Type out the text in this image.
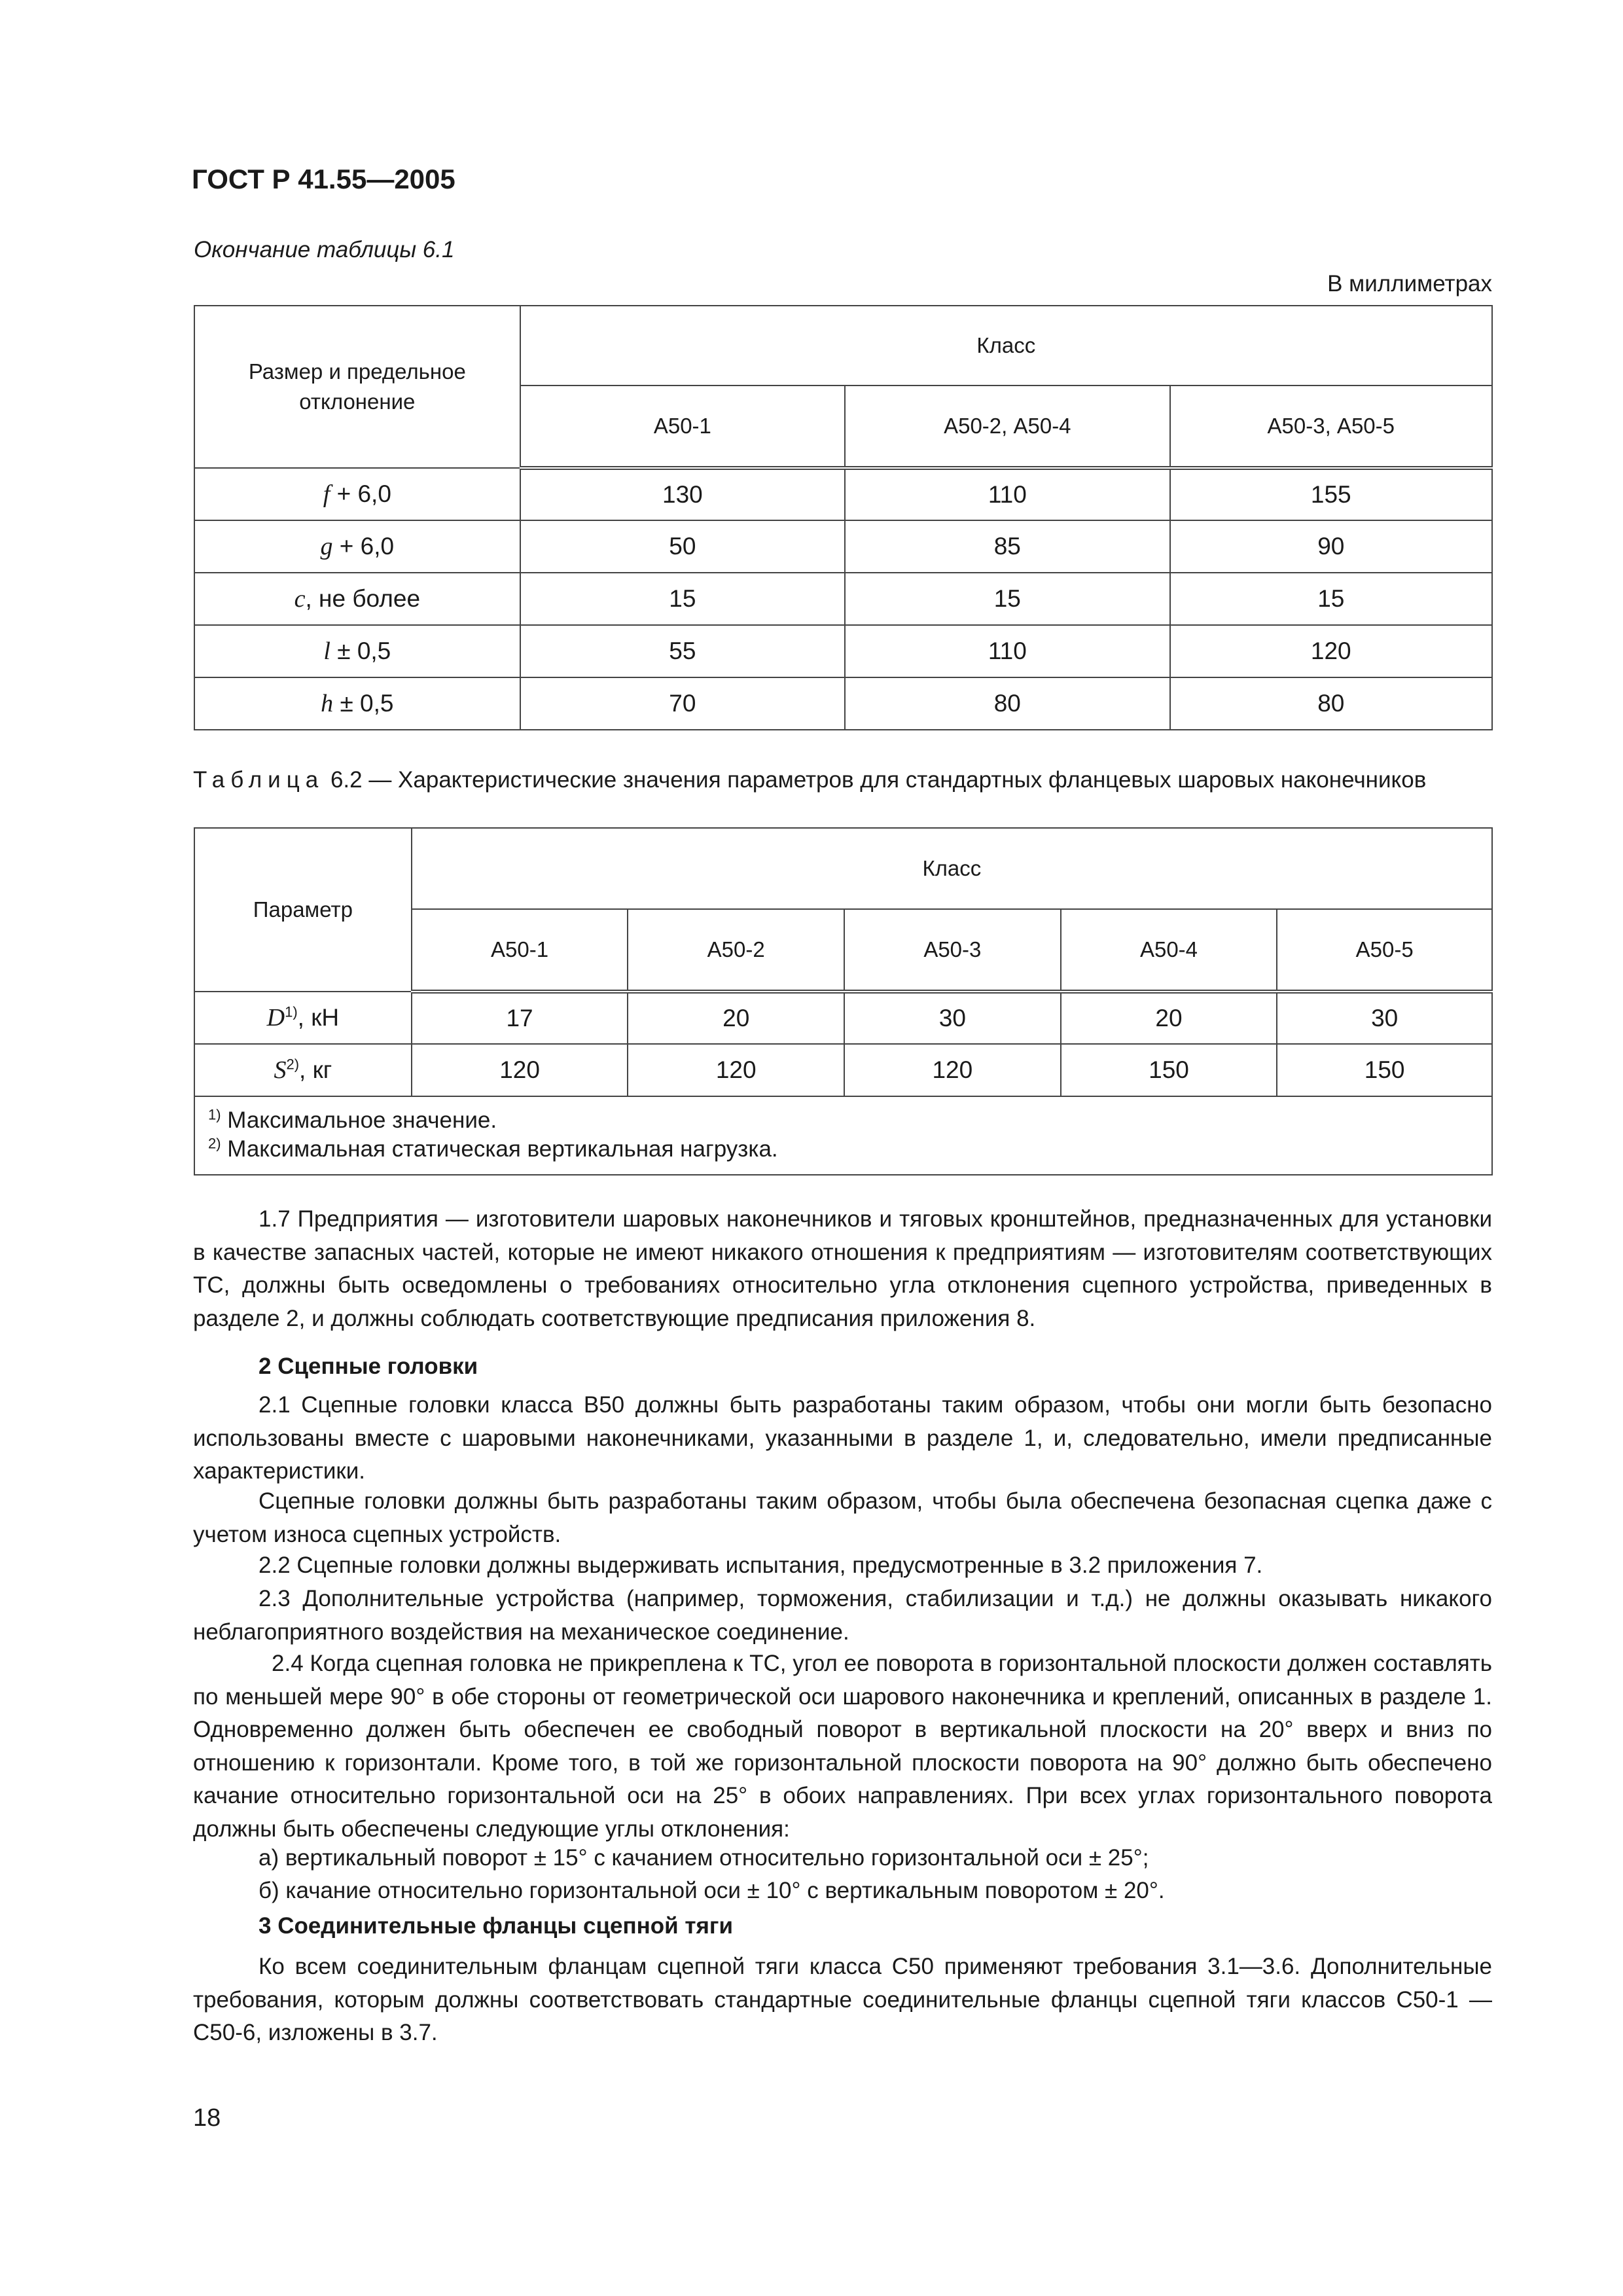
ГОСТ Р 41.55—2005
Окончание таблицы 6.1
В миллиметрах
Размер и предельное отклонение	Класс		
	А50-1	А50-2, А50-4	А50-3, А50-5
f + 6,0	130	110	155
g + 6,0	50	85	90
c, не более	15	15	15
l ± 0,5	55	110	120
h ± 0,5	70	80	80
Таблица 6.2 — Характеристические значения параметров для стандартных фланцевых шаровых наконечников
Параметр	Класс				
	А50-1	А50-2	А50-3	А50-4	А50-5
$D^{1)}$, кН	17	20	30	20	30
$S^{2)}$, кг	120	120	120	150	150

$^{1)}$ Максимальное значение.
$^{2)}$ Максимальная статическая вертикальная нагрузка.					
1.7 Предприятия — изготовители шаровых наконечников и тяговых кронштейнов, предназначенных для установки в качестве запасных частей, которые не имеют никакого отношения к предприятиям — изготовителям соответствующих ТС, должны быть осведомлены о требованиях относительно угла отклонения сцепного устройства, приведенных в разделе 2, и должны соблюдать соответствующие предписания приложения 8.
2 Сцепные головки
2.1 Сцепные головки класса В50 должны быть разработаны таким образом, чтобы они могли быть безопасно использованы вместе с шаровыми наконечниками, указанными в разделе 1, и, следовательно, имели предписанные характеристики.
Сцепные головки должны быть разработаны таким образом, чтобы была обеспечена безопасная сцепка даже с учетом износа сцепных устройств.
2.2 Сцепные головки должны выдерживать испытания, предусмотренные в 3.2 приложения 7.
2.3 Дополнительные устройства (например, торможения, стабилизации и т.д.) не должны оказывать никакого неблагоприятного воздействия на механическое соединение.
2.4 Когда сцепная головка не прикреплена к ТС, угол ее поворота в горизонтальной плоскости должен составлять по меньшей мере 90° в обе стороны от геометрической оси шарового наконечника и креплений, описанных в разделе 1. Одновременно должен быть обеспечен ее свободный поворот в вертикальной плоскости на 20° вверх и вниз по отношению к горизонтали. Кроме того, в той же горизонтальной плоскости поворота на 90° должно быть обеспечено качание относительно горизонтальной оси на 25° в обоих направлениях. При всех углах горизонтального поворота должны быть обеспечены следующие углы отклонения:
а) вертикальный поворот ± 15° с качанием относительно горизонтальной оси ± 25°;
б) качание относительно горизонтальной оси ± 10° с вертикальным поворотом ± 20°.
3 Соединительные фланцы сцепной тяги
Ко всем соединительным фланцам сцепной тяги класса С50 применяют требования 3.1—3.6. Дополнительные требования, которым должны соответствовать стандартные соединительные фланцы сцепной тяги классов С50-1 — С50-6, изложены в 3.7.
18
